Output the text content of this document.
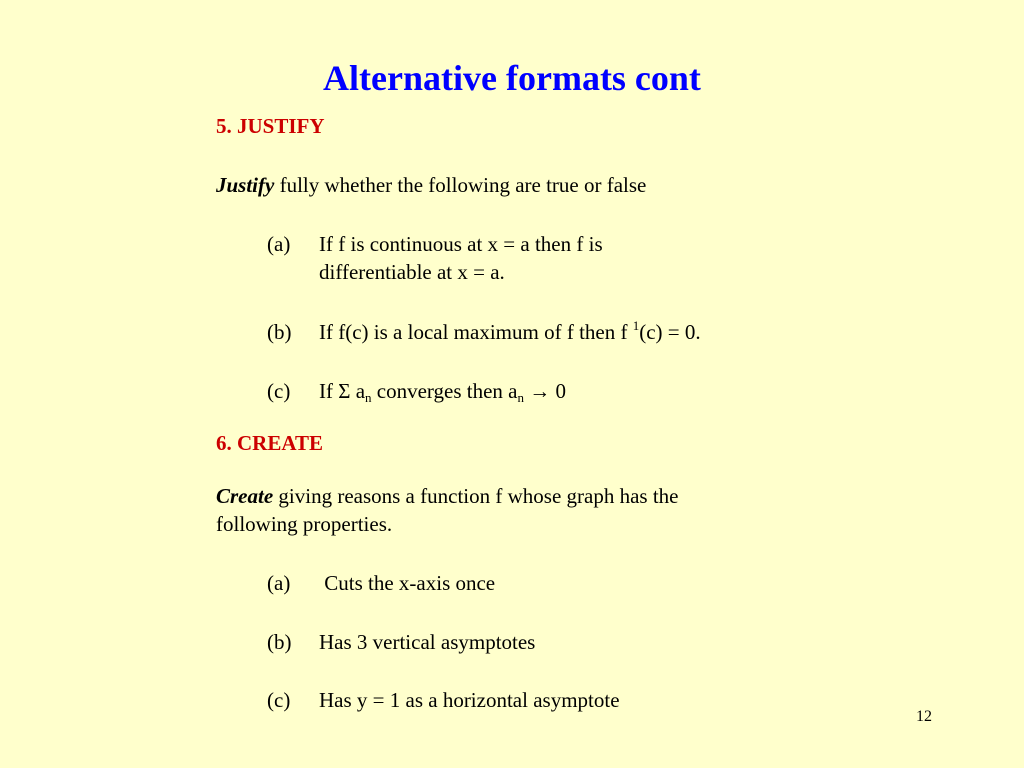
Alternative formats cont
5. JUSTIFY
Justify fully whether the following are true or false
(a) If f is continuous at x = a then f is
differentiable at x = a.
(b) If f(c) is a local maximum of f then f $^1$(c) = 0.
(c) If Σ $a_n$ converges then $a_n \to 0$
6. CREATE
Create giving reasons a function f whose graph has the
following properties.
(a) Cuts the x-axis once
(b) Has 3 vertical asymptotes
(c) Has y = 1 as a horizontal asymptote
12
